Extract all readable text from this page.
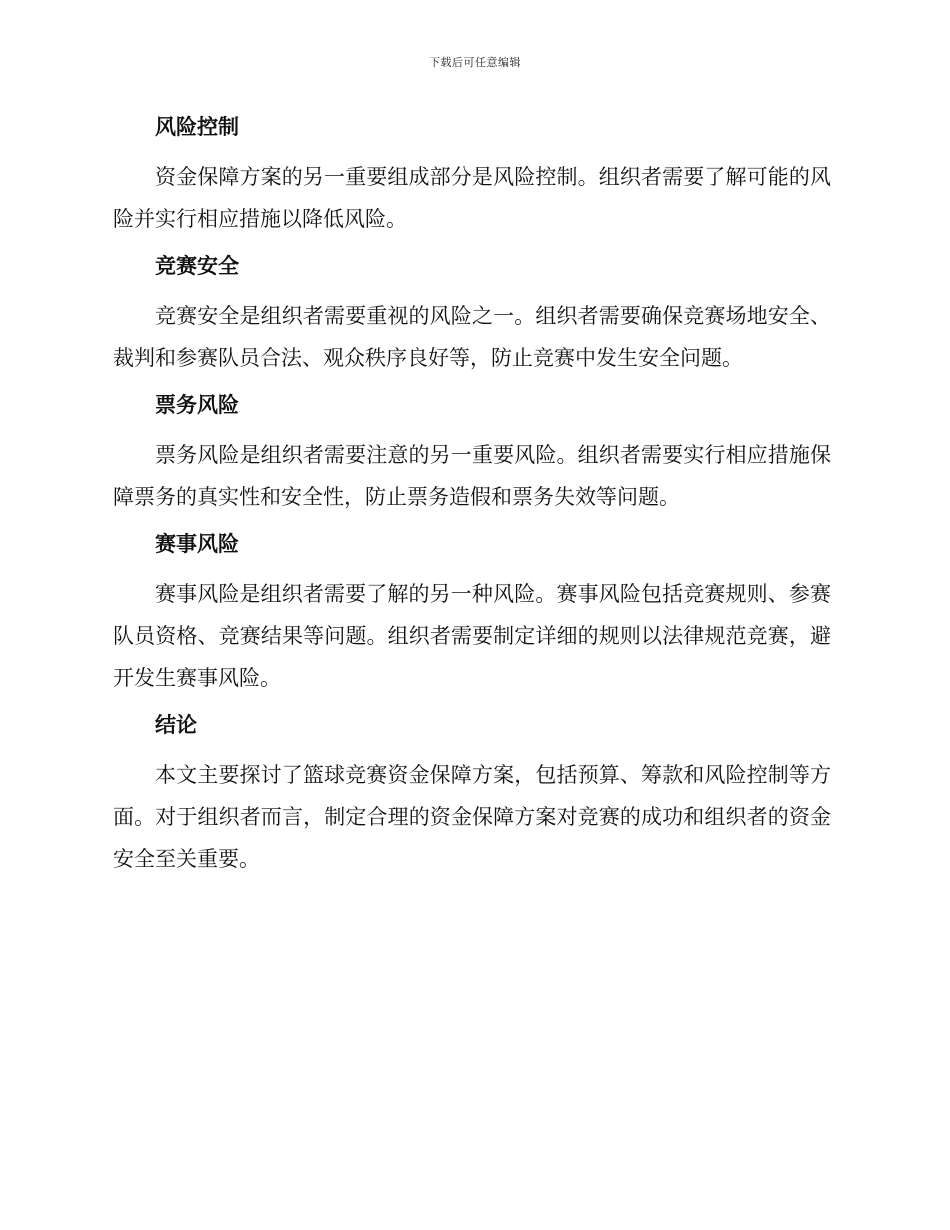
下载后可任意编辑
风险控制

资金保障方案的另一重要组成部分是风险控制。组织者需要了解可能的风险并实行相应措施以降低风险。

竞赛安全

竞赛安全是组织者需要重视的风险之一。组织者需要确保竞赛场地安全、裁判和参赛队员合法、观众秩序良好等，防止竞赛中发生安全问题。

票务风险

票务风险是组织者需要注意的另一重要风险。组织者需要实行相应措施保障票务的真实性和安全性，防止票务造假和票务失效等问题。

赛事风险

赛事风险是组织者需要了解的另一种风险。赛事风险包括竞赛规则、参赛队员资格、竞赛结果等问题。组织者需要制定详细的规则以法律规范竞赛，避开发生赛事风险。

结论

本文主要探讨了篮球竞赛资金保障方案，包括预算、筹款和风险控制等方面。对于组织者而言，制定合理的资金保障方案对竞赛的成功和组织者的资金安全至关重要。
